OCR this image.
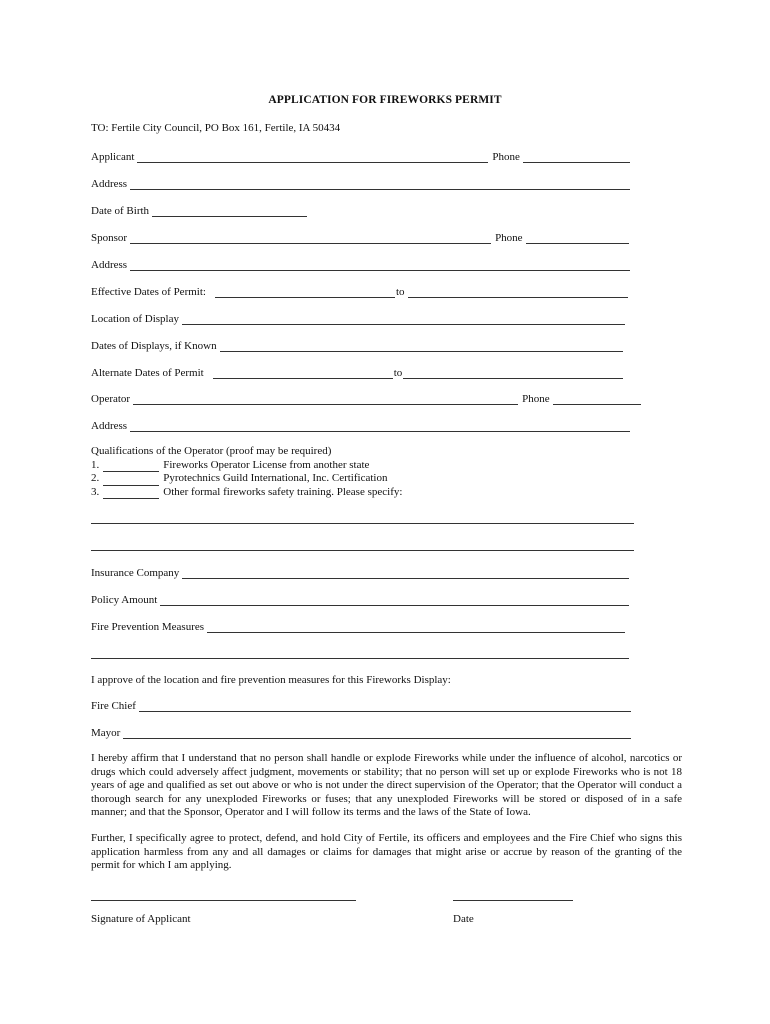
APPLICATION FOR FIREWORKS PERMIT
TO: Fertile City Council, PO Box 161, Fertile, IA 50434
Applicant	Phone
Address
Date of Birth
Sponsor	Phone
Address
Effective Dates of Permit:	to
Location of Display
Dates of Displays, if Known
Alternate Dates of Permit	to
Operator	Phone
Address
Qualifications of the Operator (proof may be required)
1.	Fireworks Operator License from another state
2.	Pyrotechnics Guild International, Inc. Certification
3.	Other formal fireworks safety training. Please specify:
Insurance Company
Policy Amount
Fire Prevention Measures
I approve of the location and fire prevention measures for this Fireworks Display:
Fire Chief
Mayor
I hereby affirm that I understand that no person shall handle or explode Fireworks while under the influence of alcohol, narcotics or drugs which could adversely affect judgment, movements or stability; that no person will set up or explode Fireworks who is not 18 years of age and qualified as set out above or who is not under the direct supervision of the Operator; that the Operator will conduct a thorough search for any unexploded Fireworks or fuses; that any unexploded Fireworks will be stored or disposed of in a safe manner; and that the Sponsor, Operator and I will follow its terms and the laws of the State of Iowa.
Further, I specifically agree to protect, defend, and hold City of Fertile, its officers and employees and the Fire Chief who signs this application harmless from any and all damages or claims for damages that might arise or accrue by reason of the granting of the permit for which I am applying.
Signature of Applicant	Date
